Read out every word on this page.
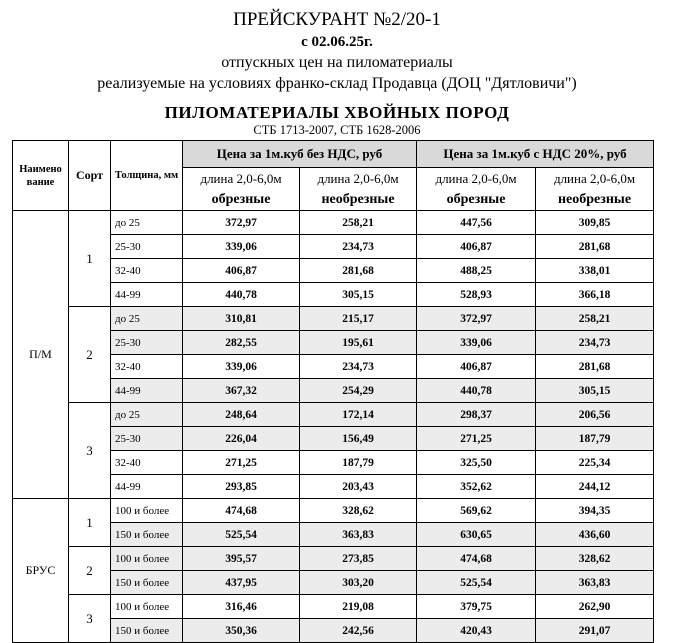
ПРЕЙСКУРАНТ №2/20-1
с 02.06.25г.
отпускных цен на пиломатериалы
реализуемые на условиях франко-склад Продавца (ДОЦ "Дятловичи")
ПИЛОМАТЕРИАЛЫ ХВОЙНЫХ ПОРОД
СТБ 1713-2007, СТБ 1628-2006
Наимено вание	Сорт	Толщина, мм	Цена за 1м.куб без НДС, руб		Цена за 1м.куб с НДС 20%, руб	
			длина 2,0-6,0м	длина 2,0-6,0м	длина 2,0-6,0м	длина 2,0-6,0м
			обрезные	необрезные	обрезные	необрезные
П/М	1	до 25	372,97	258,21	447,56	309,85
		25-30	339,06	234,73	406,87	281,68
		32-40	406,87	281,68	488,25	338,01
		44-99	440,78	305,15	528,93	366,18
	2	до 25	310,81	215,17	372,97	258,21
		25-30	282,55	195,61	339,06	234,73
		32-40	339,06	234,73	406,87	281,68
		44-99	367,32	254,29	440,78	305,15
	3	до 25	248,64	172,14	298,37	206,56
		25-30	226,04	156,49	271,25	187,79
		32-40	271,25	187,79	325,50	225,34
		44-99	293,85	203,43	352,62	244,12
БРУС	1	100 и более	474,68	328,62	569,62	394,35
		150 и более	525,54	363,83	630,65	436,60
	2	100 и более	395,57	273,85	474,68	328,62
		150 и более	437,95	303,20	525,54	363,83
	3	100 и более	316,46	219,08	379,75	262,90
		150 и более	350,36	242,56	420,43	291,07
